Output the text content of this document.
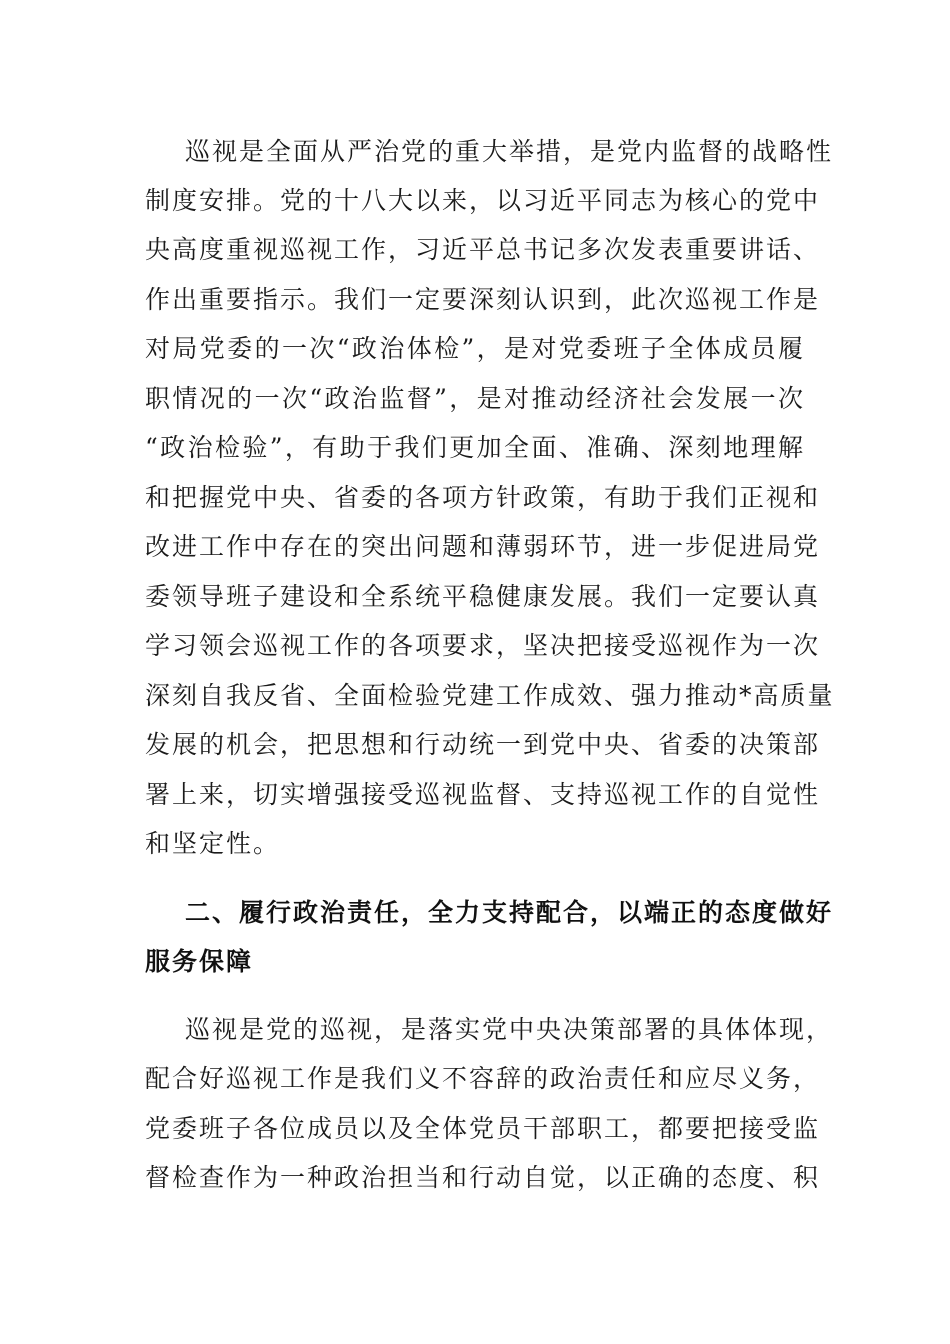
巡视是全面从严治党的重大举措，是党内监督的战略性
制度安排。党的十八大以来，以习近平同志为核心的党中
央高度重视巡视工作，习近平总书记多次发表重要讲话、
作出重要指示。我们一定要深刻认识到，此次巡视工作是
对局党委的一次“政治体检”，是对党委班子全体成员履
职情况的一次“政治监督”，是对推动经济社会发展一次
“政治检验”，有助于我们更加全面、准确、深刻地理解
和把握党中央、省委的各项方针政策，有助于我们正视和
改进工作中存在的突出问题和薄弱环节，进一步促进局党
委领导班子建设和全系统平稳健康发展。我们一定要认真
学习领会巡视工作的各项要求，坚决把接受巡视作为一次
深刻自我反省、全面检验党建工作成效、强力推动*高质量
发展的机会，把思想和行动统一到党中央、省委的决策部
署上来，切实增强接受巡视监督、支持巡视工作的自觉性
和坚定性。
二、履行政治责任，全力支持配合，以端正的态度做好
服务保障
巡视是党的巡视，是落实党中央决策部署的具体体现，
配合好巡视工作是我们义不容辞的政治责任和应尽义务，
党委班子各位成员以及全体党员干部职工，都要把接受监
督检查作为一种政治担当和行动自觉，以正确的态度、积
